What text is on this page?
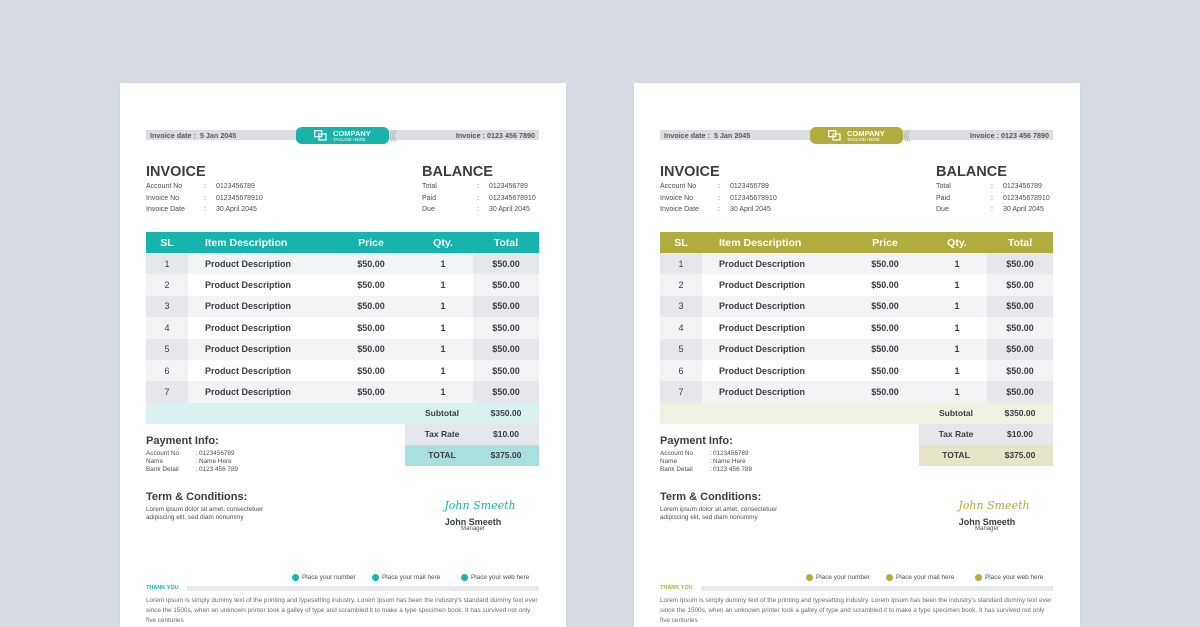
Invoice date : 5 Jan 2045	Invoice : 0123 456 7890
(((
COMPANY
TAGLINE HERE
INVOICE
Account No	: 0123456789
Invoice No	: 012345678910
Invoice Date	: 30 April 2045
BALANCE
Total	: 0123456789
Paid	: 012345678910
Due	: 30 April 2045
SL	Item Description	Price	Qty.	Total
1	Product Description	$50.00	1	$50.00
2	Product Description	$50.00	1	$50.00
3	Product Description	$50.00	1	$50.00
4	Product Description	$50.00	1	$50.00
5	Product Description	$50.00	1	$50.00
6	Product Description	$50.00	1	$50.00
7	Product Description	$50.00	1	$50.00
Subtotal	$350.00
Tax Rate	$10.00
TOTAL	$375.00
Payment Info:
Account No	: 0123456789
Name	: Name Here
Bank Detail	: 0123 456 789
Term & Conditions:
Lorem ipsum dolor sit amet, consectetuer adipiscing elit, sed diam nonummy
John Smeeth
John Smeeth
Manager
Place your number	Place your mail here	Place your web here
THANK YOU
Lorem Ipsum is simply dummy text of the printing and typesetting industry. Lorem Ipsum has been the industry's standard dummy text ever since the 1500s, when an unknown printer took a galley of type and scrambled it to make a type specimen book. It has survived not only five centuries
Invoice date : 5 Jan 2045	Invoice : 0123 456 7890
(((
COMPANY
TAGLINE HERE
INVOICE
Account No	: 0123456789
Invoice No	: 012345678910
Invoice Date	: 30 April 2045
BALANCE
Total	: 0123456789
Paid	: 012345678910
Due	: 30 April 2045
SL	Item Description	Price	Qty.	Total
1	Product Description	$50.00	1	$50.00
2	Product Description	$50.00	1	$50.00
3	Product Description	$50.00	1	$50.00
4	Product Description	$50.00	1	$50.00
5	Product Description	$50.00	1	$50.00
6	Product Description	$50.00	1	$50.00
7	Product Description	$50.00	1	$50.00
Subtotal	$350.00
Tax Rate	$10.00
TOTAL	$375.00
Payment Info:
Account No	: 0123456789
Name	: Name Here
Bank Detail	: 0123 456 789
Term & Conditions:
Lorem ipsum dolor sit amet, consectetuer adipiscing elit, sed diam nonummy
John Smeeth
John Smeeth
Manager
Place your number	Place your mail here	Place your web here
THANK YOU
Lorem Ipsum is simply dummy text of the printing and typesetting industry. Lorem Ipsum has been the industry's standard dummy text ever since the 1500s, when an unknown printer took a galley of type and scrambled it to make a type specimen book. It has survived not only five centuries
